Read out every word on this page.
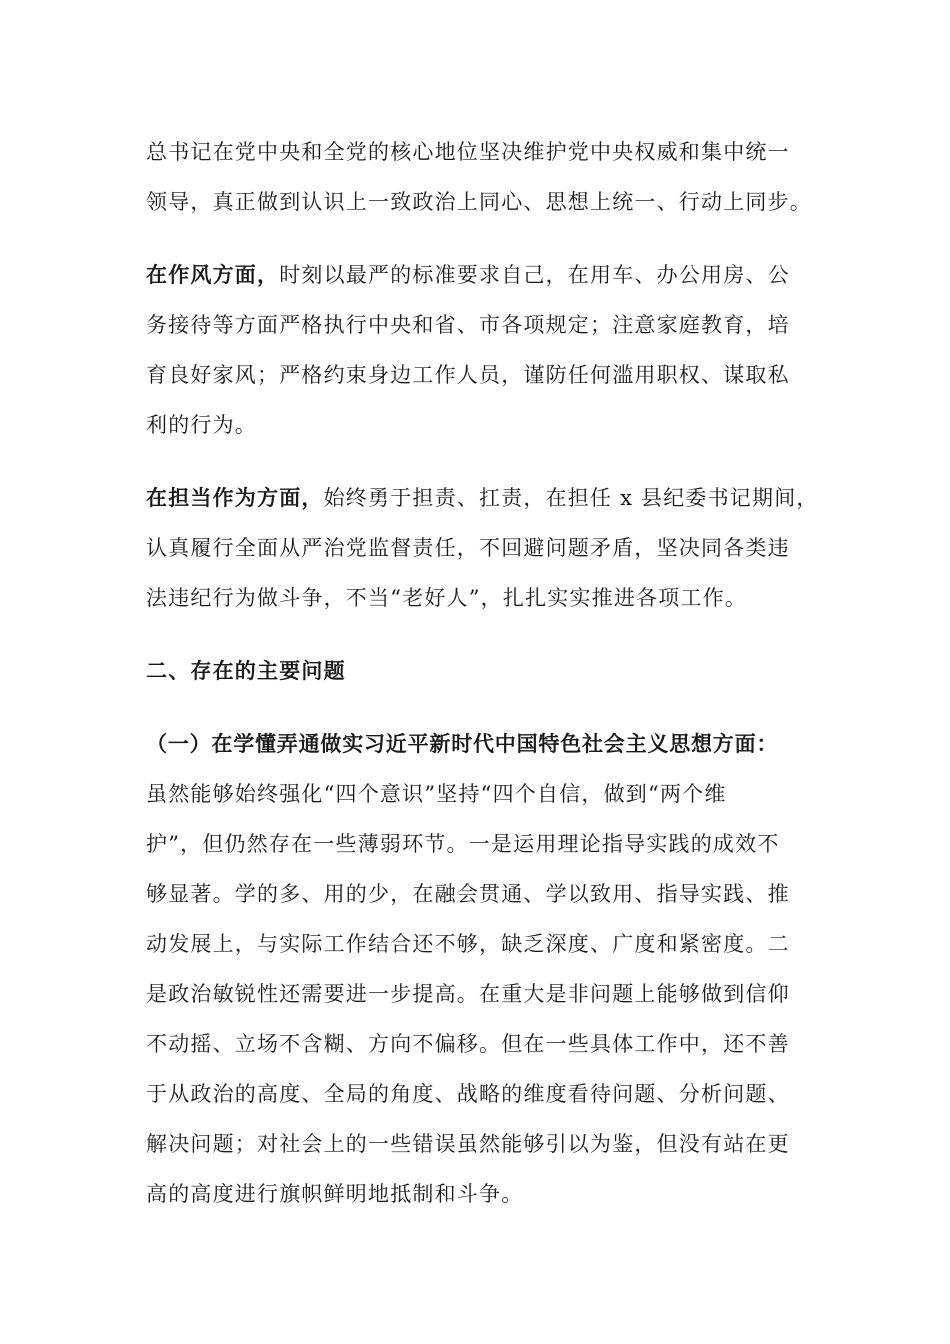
总书记在党中央和全党的核心地位坚决维护党中央权威和集中统一
领导，真正做到认识上一致政治上同心、思想上统一、行动上同步。
在作风方面，时刻以最严的标准要求自己，在用车、办公用房、公
务接待等方面严格执行中央和省、市各项规定；注意家庭教育，培
育良好家风；严格约束身边工作人员，谨防任何滥用职权、谋取私
利的行为。
在担当作为方面，始终勇于担责、扛责，在担任 x 县纪委书记期间，
认真履行全面从严治党监督责任，不回避问题矛盾，坚决同各类违
法违纪行为做斗争，不当“老好人”，扎扎实实推进各项工作。
二、存在的主要问题
（一）在学懂弄通做实习近平新时代中国特色社会主义思想方面：
虽然能够始终强化“四个意识”坚持“四个自信，做到“两个维
护”，但仍然存在一些薄弱环节。一是运用理论指导实践的成效不
够显著。学的多、用的少，在融会贯通、学以致用、指导实践、推
动发展上，与实际工作结合还不够，缺乏深度、广度和紧密度。二
是政治敏锐性还需要进一步提高。在重大是非问题上能够做到信仰
不动摇、立场不含糊、方向不偏移。但在一些具体工作中，还不善
于从政治的高度、全局的角度、战略的维度看待问题、分析问题、
解决问题；对社会上的一些错误虽然能够引以为鉴，但没有站在更
高的高度进行旗帜鲜明地抵制和斗争。
